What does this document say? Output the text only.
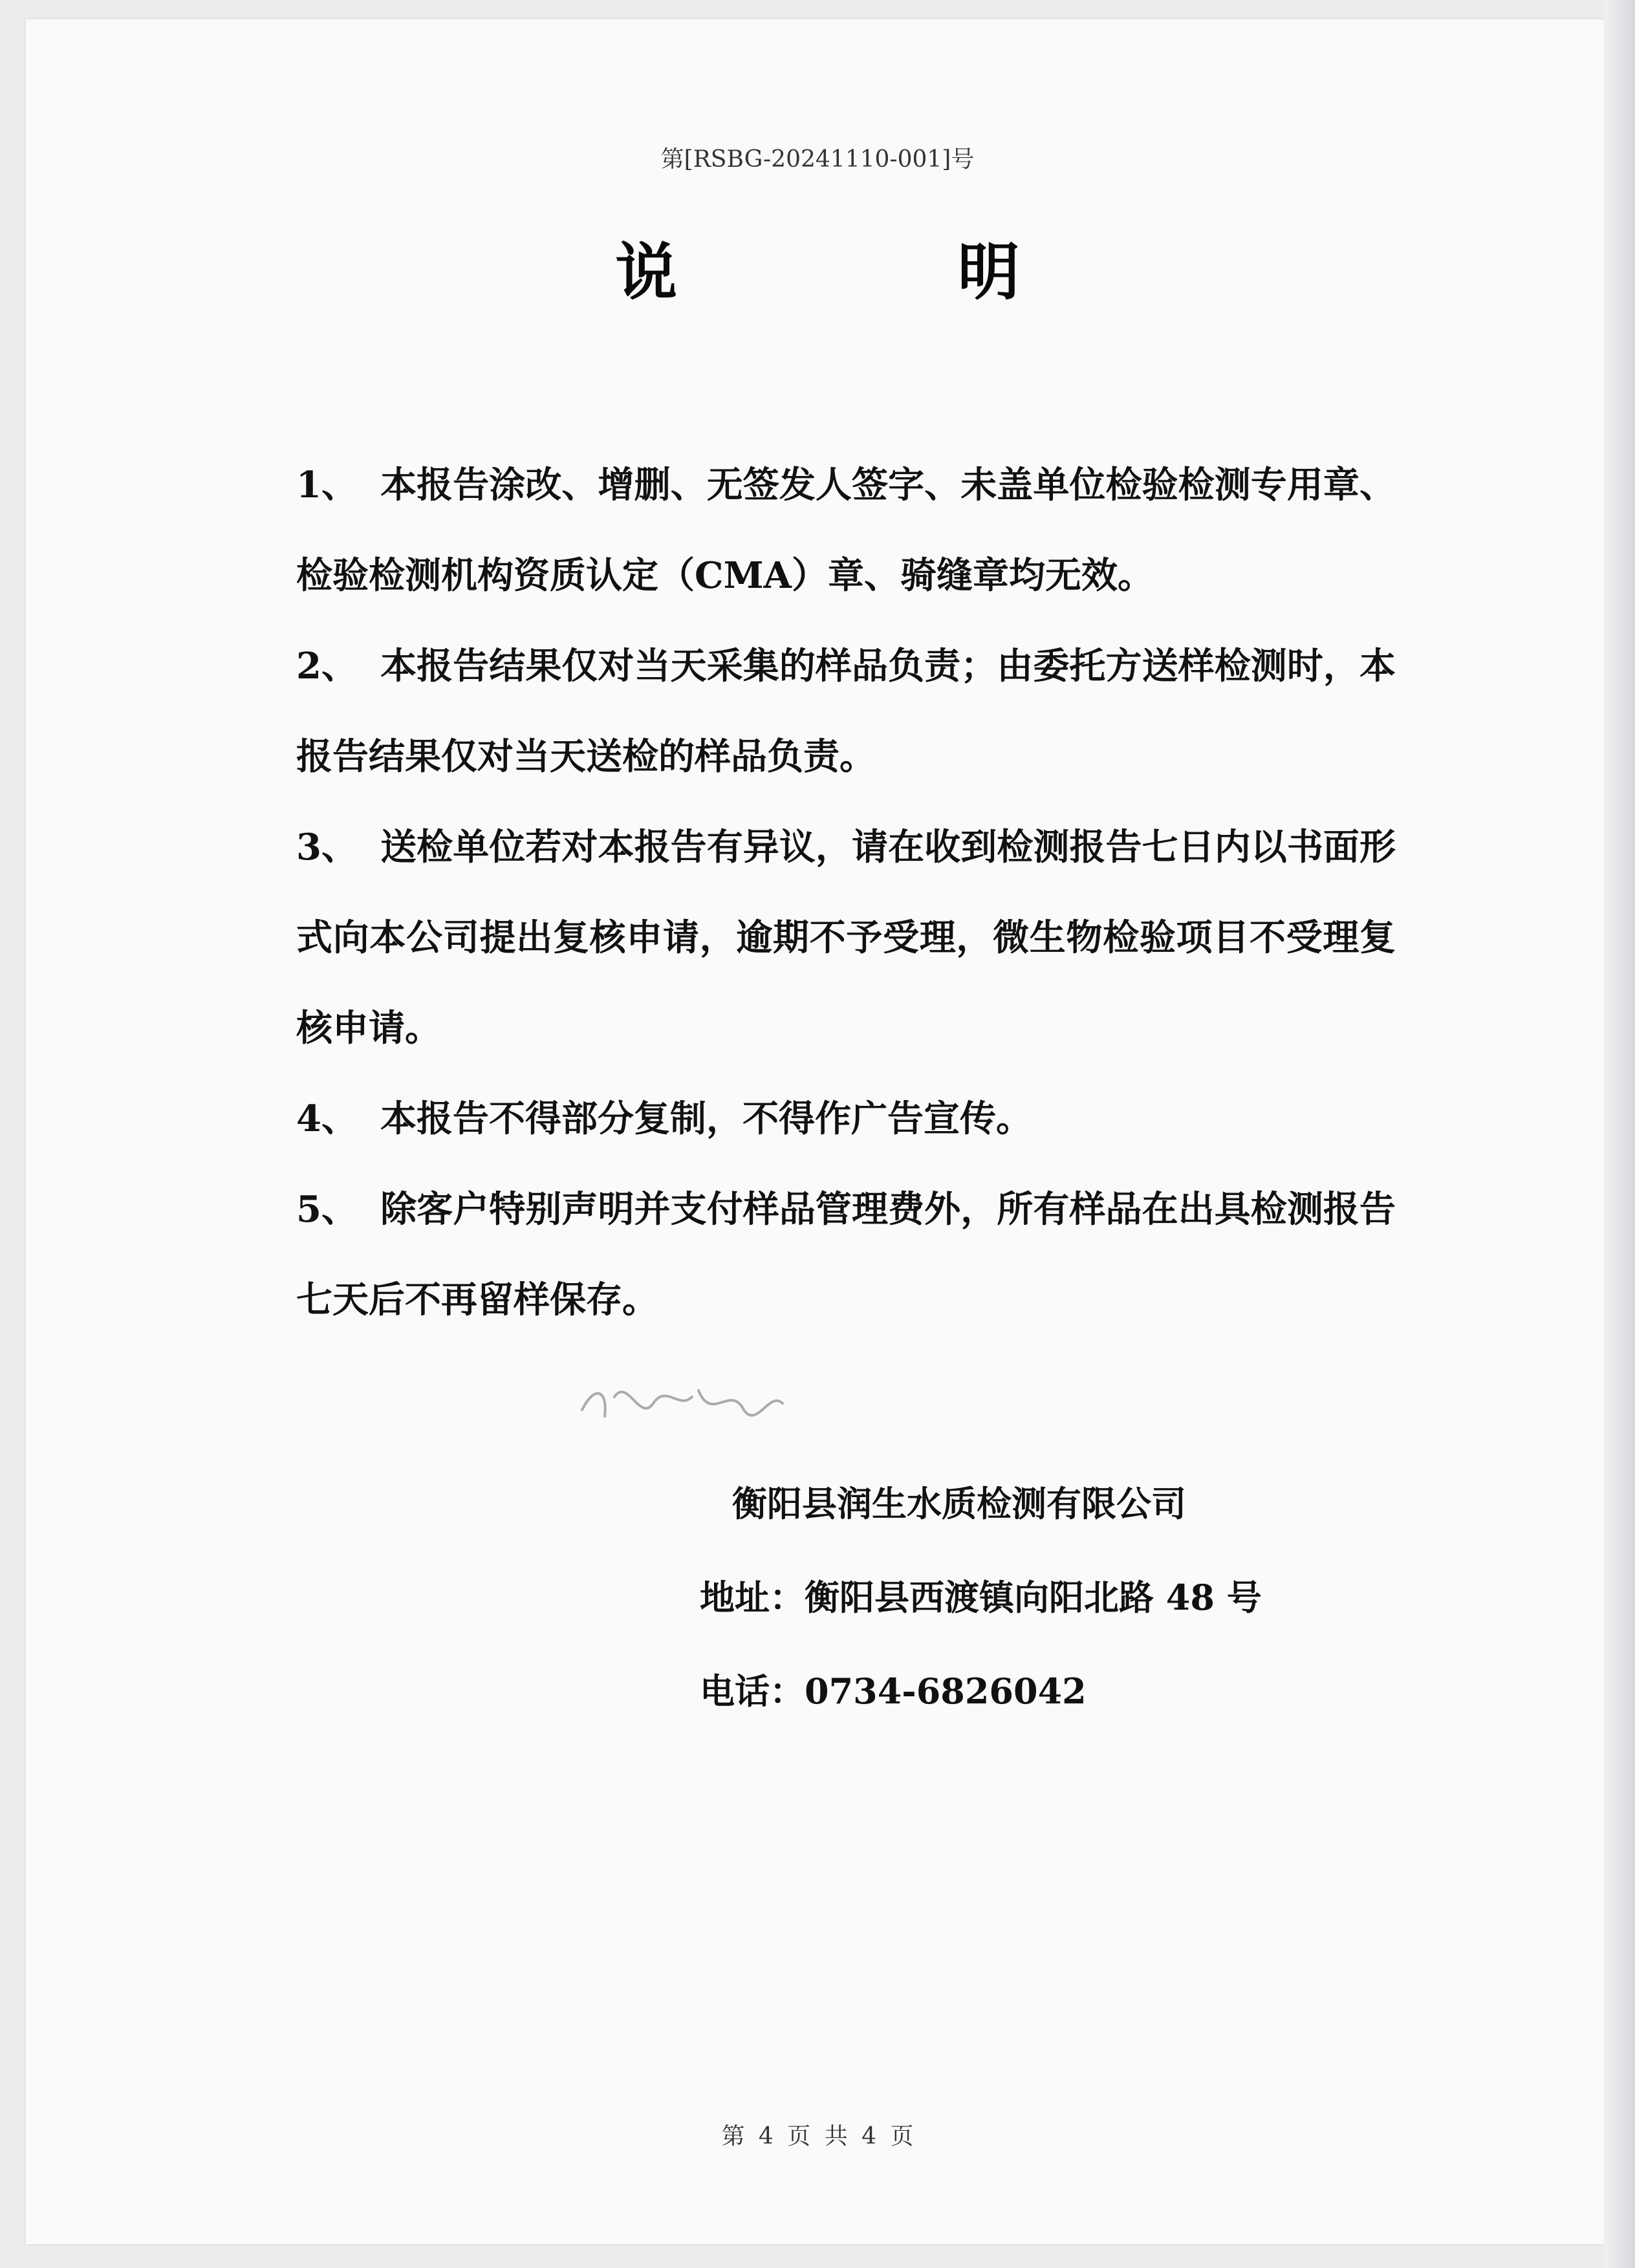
第[RSBG-20241110-001]号
说 明

1、 本报告涂改、增删、无签发人签字、未盖单位检验检测专用章、检验检测机构资质认定（CMA）章、骑缝章均无效。

2、 本报告结果仅对当天采集的样品负责；由委托方送样检测时，本报告结果仅对当天送检的样品负责。

3、 送检单位若对本报告有异议，请在收到检测报告七日内以书面形式向本公司提出复核申请，逾期不予受理，微生物检验项目不受理复核申请。

4、 本报告不得部分复制，不得作广告宣传。

5、 除客户特别声明并支付样品管理费外，所有样品在出具检测报告七天后不再留样保存。

衡阳县润生水质检测有限公司
地址：衡阳县西渡镇向阳北路 48 号
电话：0734-6826042
第 4 页 共 4 页
